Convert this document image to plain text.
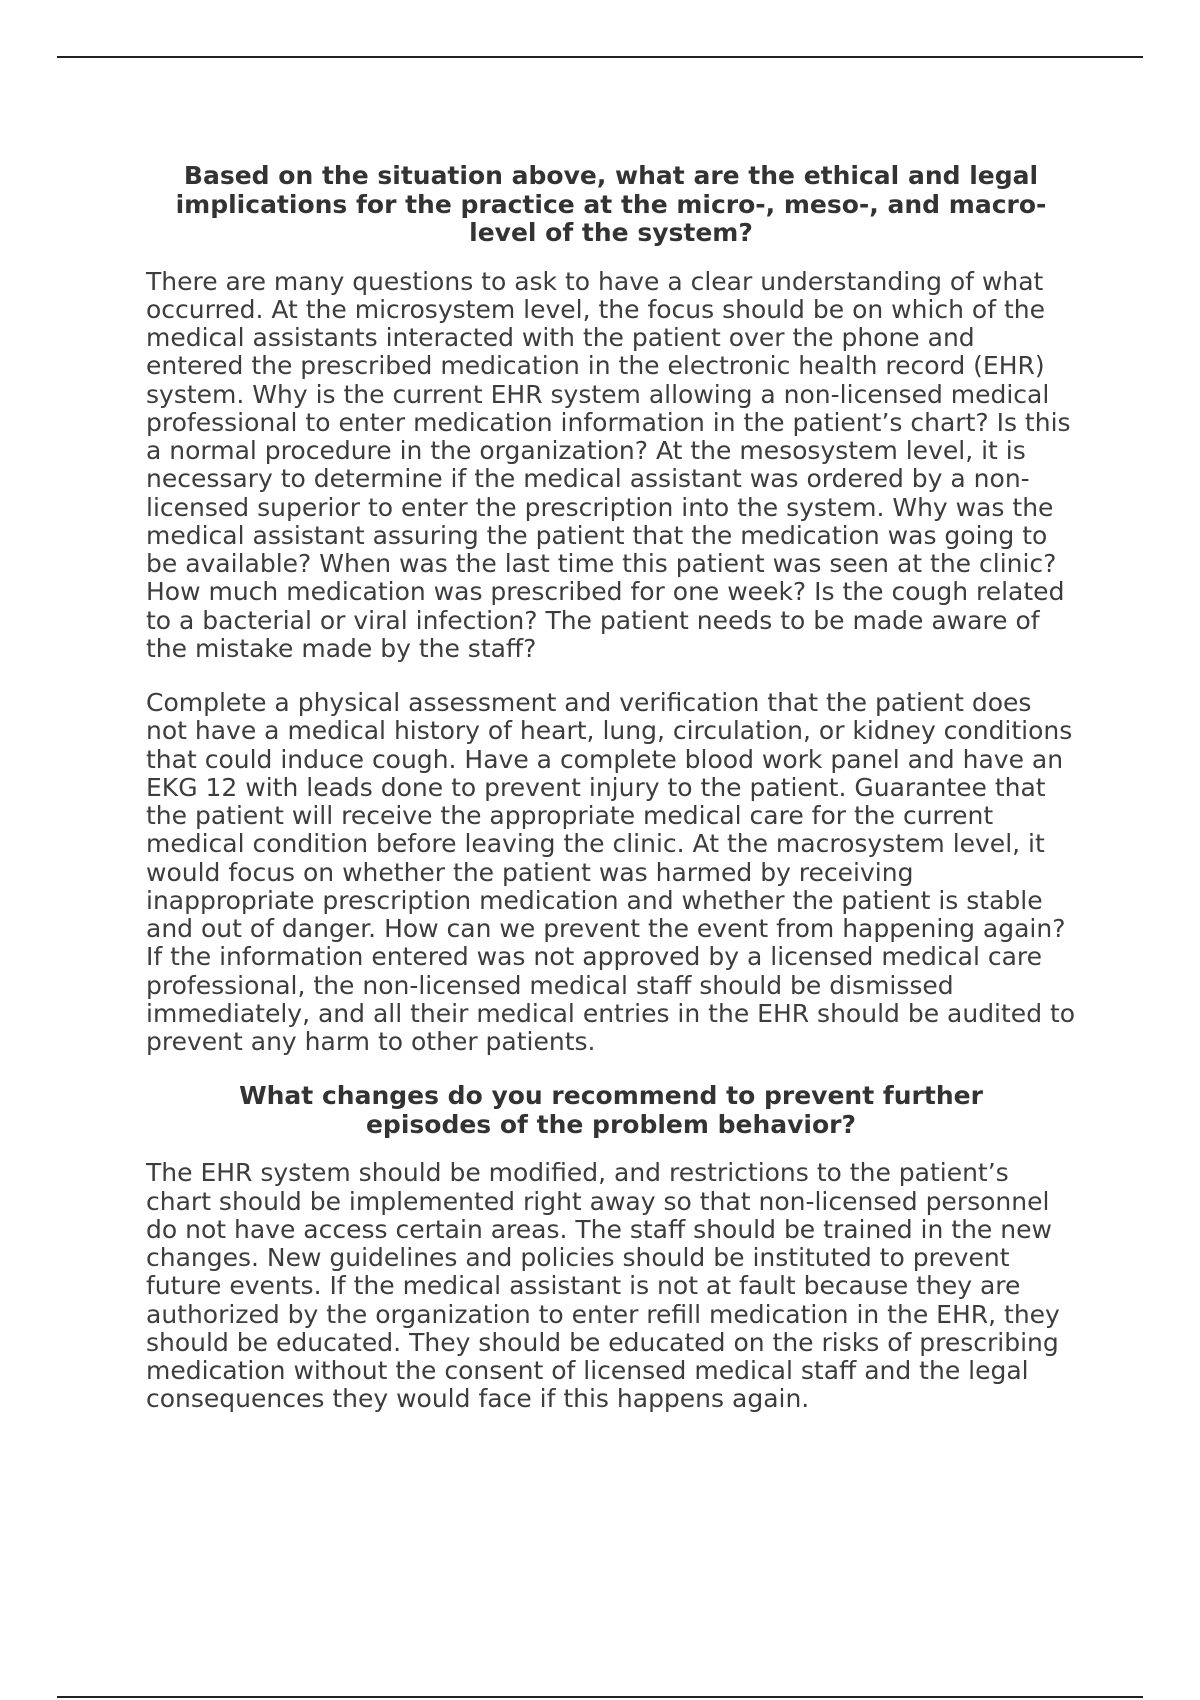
Based on the situation above, what are the ethical and legal implications for the practice at the micro-, meso-, and macro-level of the system?

There are many questions to ask to have a clear understanding of what occurred. At the microsystem level, the focus should be on which of the medical assistants interacted with the patient over the phone and entered the prescribed medication in the electronic health record (EHR) system. Why is the current EHR system allowing a non-licensed medical professional to enter medication information in the patient’s chart? Is this a normal procedure in the organization? At the mesosystem level, it is necessary to determine if the medical assistant was ordered by a non-licensed superior to enter the prescription into the system. Why was the medical assistant assuring the patient that the medication was going to be available? When was the last time this patient was seen at the clinic? How much medication was prescribed for one week? Is the cough related to a bacterial or viral infection? The patient needs to be made aware of the mistake made by the staff?

Complete a physical assessment and verification that the patient does not have a medical history of heart, lung, circulation, or kidney conditions that could induce cough. Have a complete blood work panel and have an EKG 12 with leads done to prevent injury to the patient. Guarantee that the patient will receive the appropriate medical care for the current medical condition before leaving the clinic. At the macrosystem level, it would focus on whether the patient was harmed by receiving inappropriate prescription medication and whether the patient is stable and out of danger. How can we prevent the event from happening again? If the information entered was not approved by a licensed medical care professional, the non-licensed medical staff should be dismissed immediately, and all their medical entries in the EHR should be audited to prevent any harm to other patients.

What changes do you recommend to prevent further episodes of the problem behavior?

The EHR system should be modified, and restrictions to the patient’s chart should be implemented right away so that non-licensed personnel do not have access certain areas. The staff should be trained in the new changes. New guidelines and policies should be instituted to prevent future events. If the medical assistant is not at fault because they are authorized by the organization to enter refill medication in the EHR, they should be educated. They should be educated on the risks of prescribing medication without the consent of licensed medical staff and the legal consequences they would face if this happens again.
